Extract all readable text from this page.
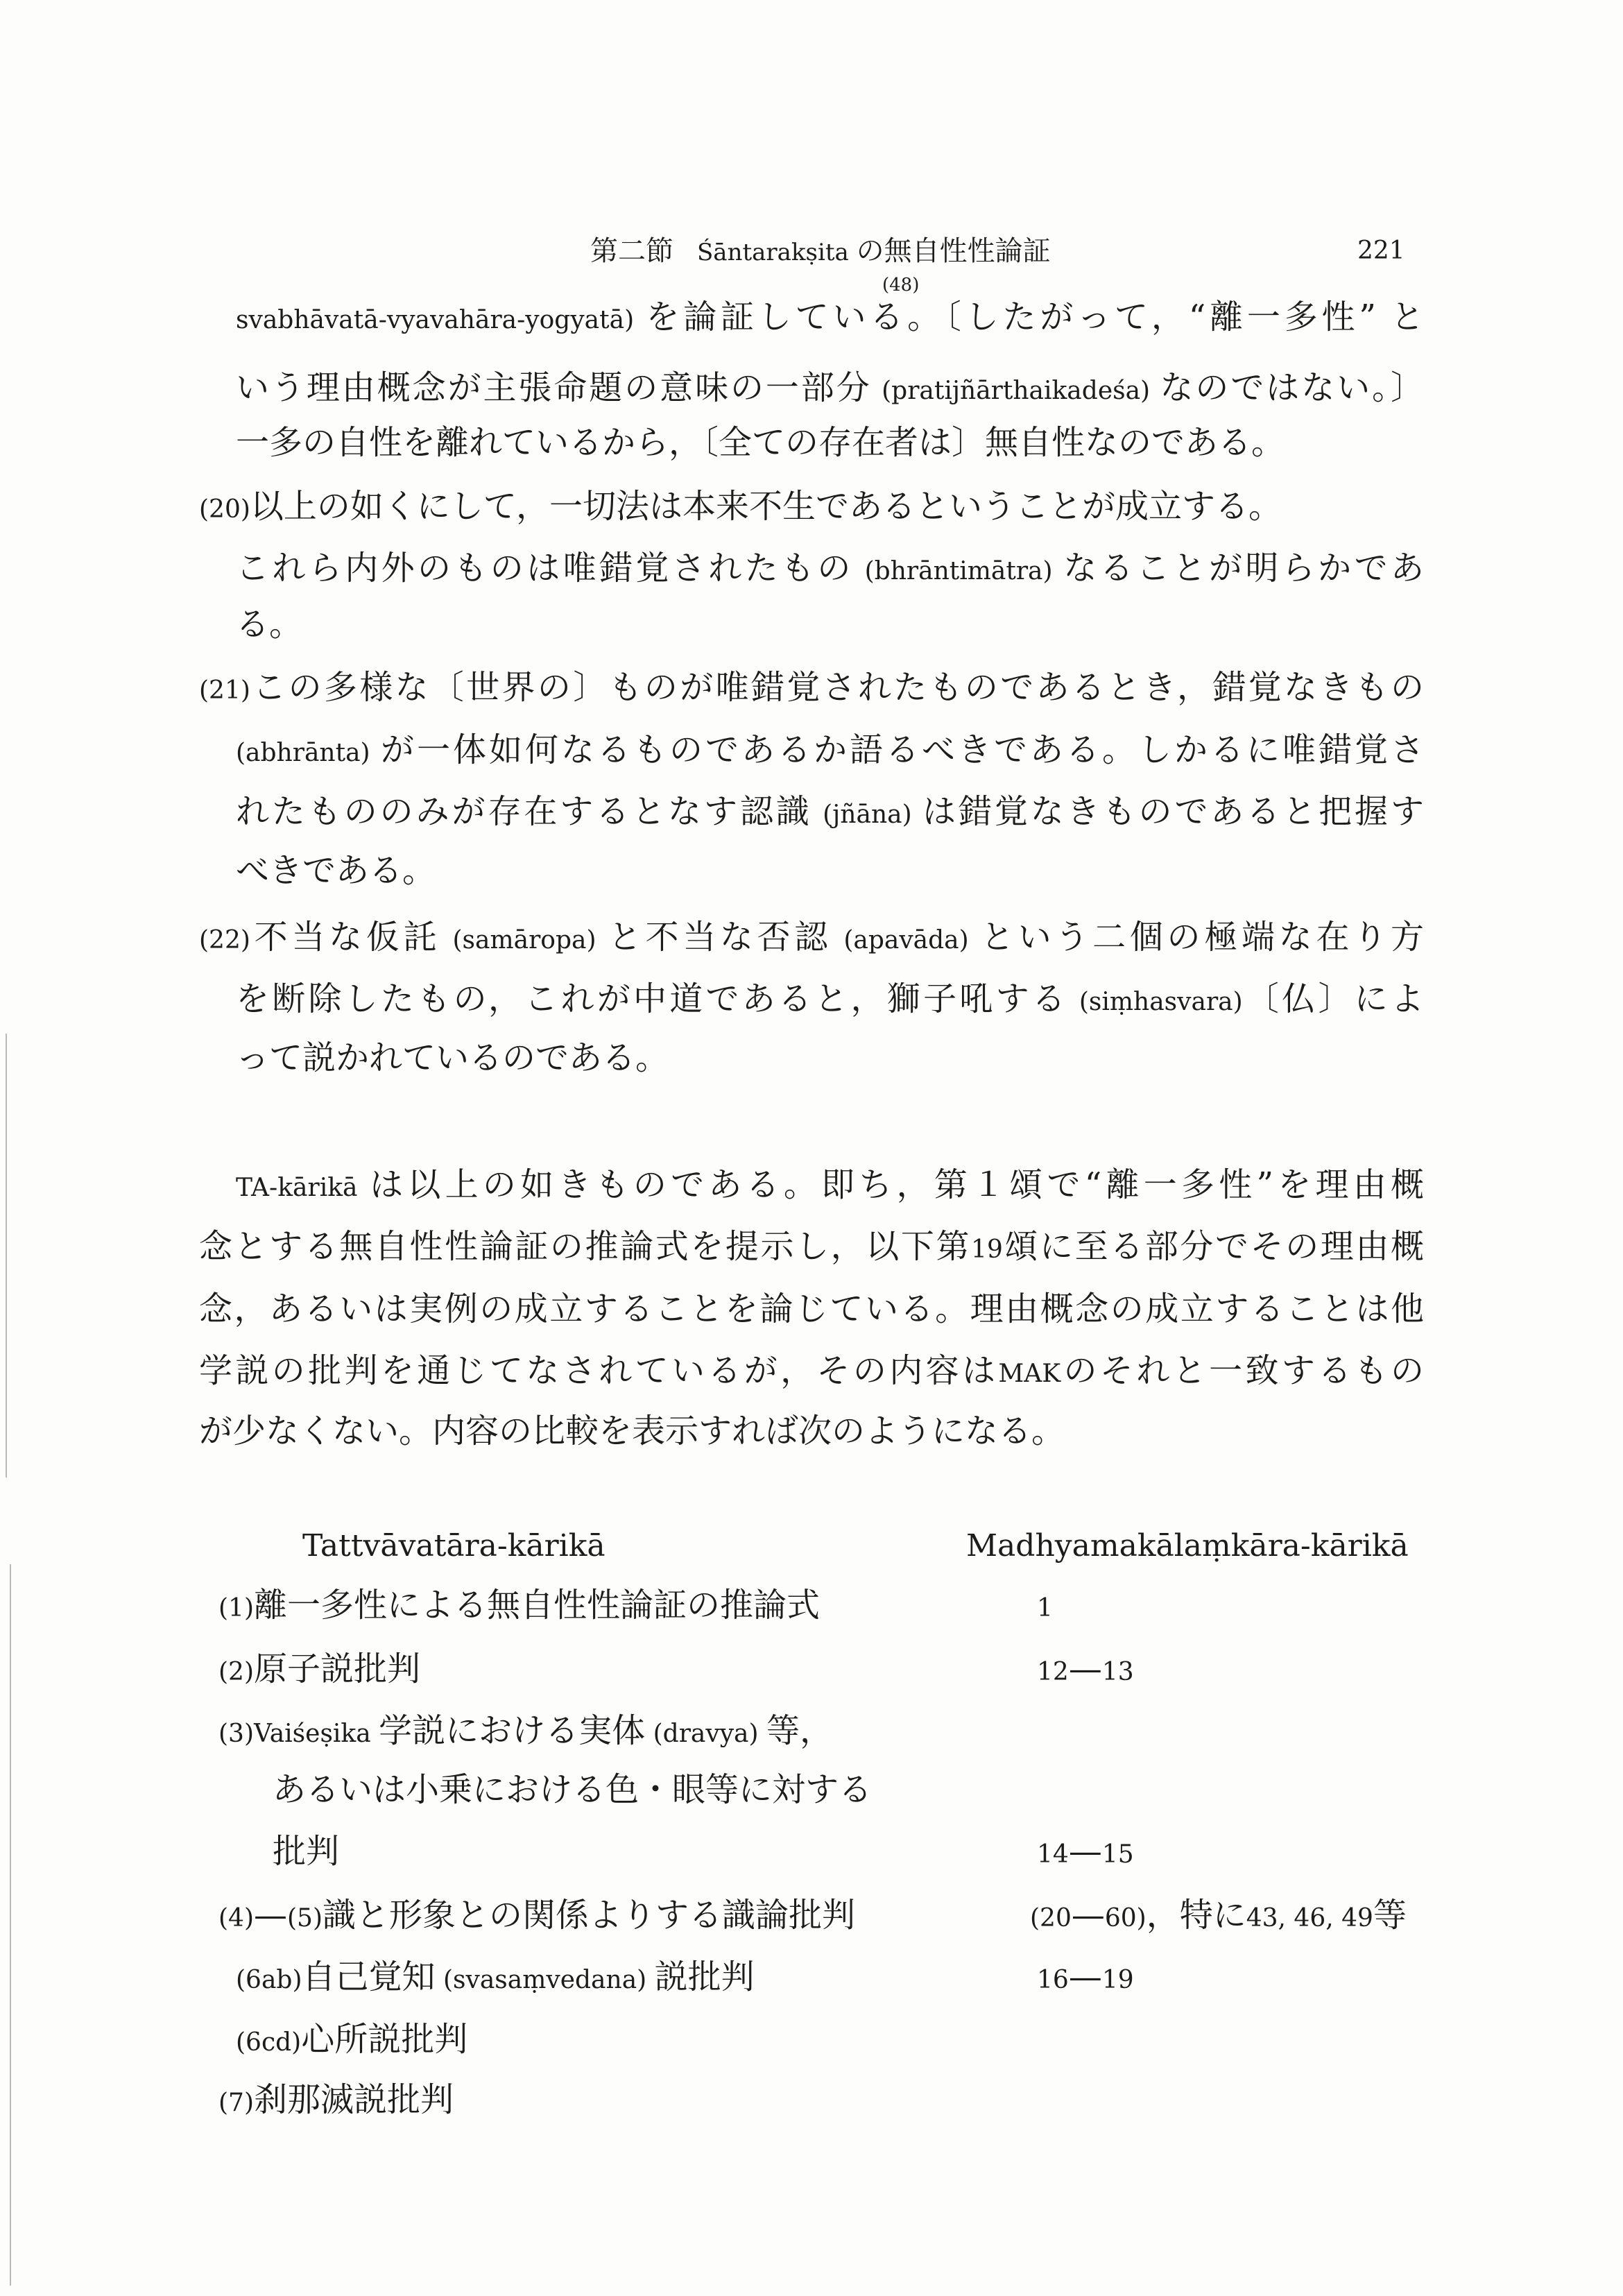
第二節 Śāntarakṣita の無自性性論証	221
(48)
svabhāvatā-vyavahāra-yogyatā) を論証している。〔したがって，“離一多性” と
いう理由概念が主張命題の意味の一部分 (pratijñārthaikadeśa) なのではない。〕
一多の自性を離れているから，〔全ての存在者は〕無自性なのである。
(20)以上の如くにして，一切法は本来不生であるということが成立する。
これら内外のものは唯錯覚されたもの (bhrāntimātra) なることが明らかであ
る。
(21)この多様な〔世界の〕ものが唯錯覚されたものであるとき，錯覚なきもの
(abhrānta) が一体如何なるものであるか語るべきである。しかるに唯錯覚さ
れたもののみが存在するとなす認識 (jñāna) は錯覚なきものであると把握す
べきである。
(22)不当な仮託 (samāropa) と不当な否認 (apavāda) という二個の極端な在り方
を断除したもの，これが中道であると，獅子吼する (siṃhasvara)〔仏〕によ
って説かれているのである。
TA-kārikā は以上の如きものである。即ち，第１頌で“離一多性”を理由概
念とする無自性性論証の推論式を提示し，以下第19頌に至る部分でその理由概
念，あるいは実例の成立することを論じている。理由概念の成立することは他
学説の批判を通じてなされているが，その内容はMAKのそれと一致するもの
が少なくない。内容の比較を表示すれば次のようになる。
Tattvāvatāra-kārikā	Madhyamakālaṃkāra-kārikā
(1)離一多性による無自性性論証の推論式	1
(2)原子説批判	12—13
(3)Vaiśeṣika 学説における実体 (dravya) 等，
あるいは小乗における色・眼等に対する
批判	14—15
(4)—(5)識と形象との関係よりする識論批判	(20—60)，特に43, 46, 49等
(6ab)自己覚知 (svasaṃvedana) 説批判	16—19
(6cd)心所説批判
(7)刹那滅説批判
